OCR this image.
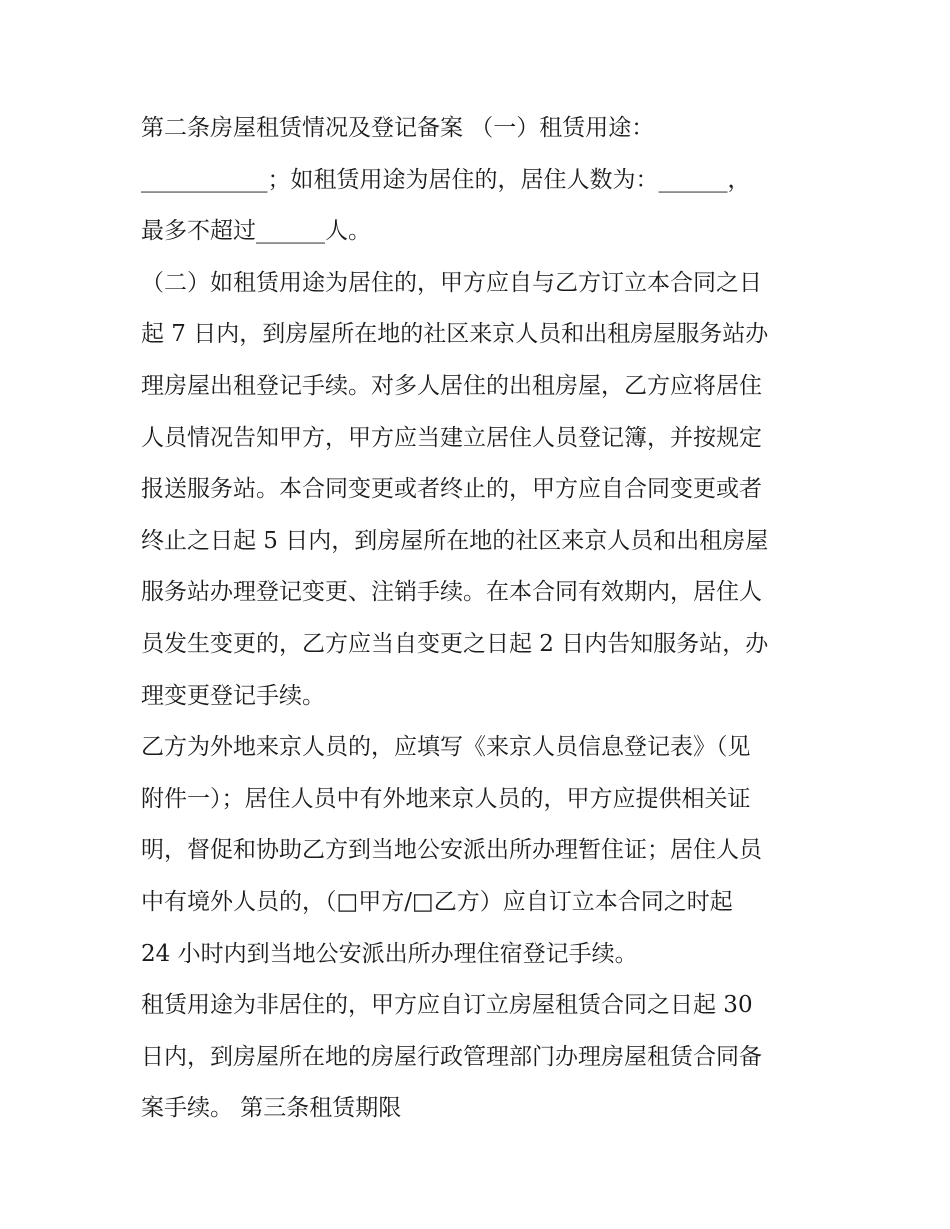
第二条房屋租赁情况及登记备案 （一）租赁用途：
___________；如租赁用途为居住的，居住人数为：______，
最多不超过______人。
（二）如租赁用途为居住的，甲方应自与乙方订立本合同之日
起 7 日内，到房屋所在地的社区来京人员和出租房屋服务站办
理房屋出租登记手续。对多人居住的出租房屋，乙方应将居住
人员情况告知甲方，甲方应当建立居住人员登记簿，并按规定
报送服务站。本合同变更或者终止的，甲方应自合同变更或者
终止之日起 5 日内，到房屋所在地的社区来京人员和出租房屋
服务站办理登记变更、注销手续。在本合同有效期内，居住人
员发生变更的，乙方应当自变更之日起 2 日内告知服务站，办
理变更登记手续。
乙方为外地来京人员的，应填写《来京人员信息登记表》（见
附件一）；居住人员中有外地来京人员的，甲方应提供相关证
明，督促和协助乙方到当地公安派出所办理暂住证；居住人员
中有境外人员的，（□甲方/□乙方）应自订立本合同之时起
24 小时内到当地公安派出所办理住宿登记手续。
租赁用途为非居住的，甲方应自订立房屋租赁合同之日起 30
日内，到房屋所在地的房屋行政管理部门办理房屋租赁合同备
案手续。 第三条租赁期限
